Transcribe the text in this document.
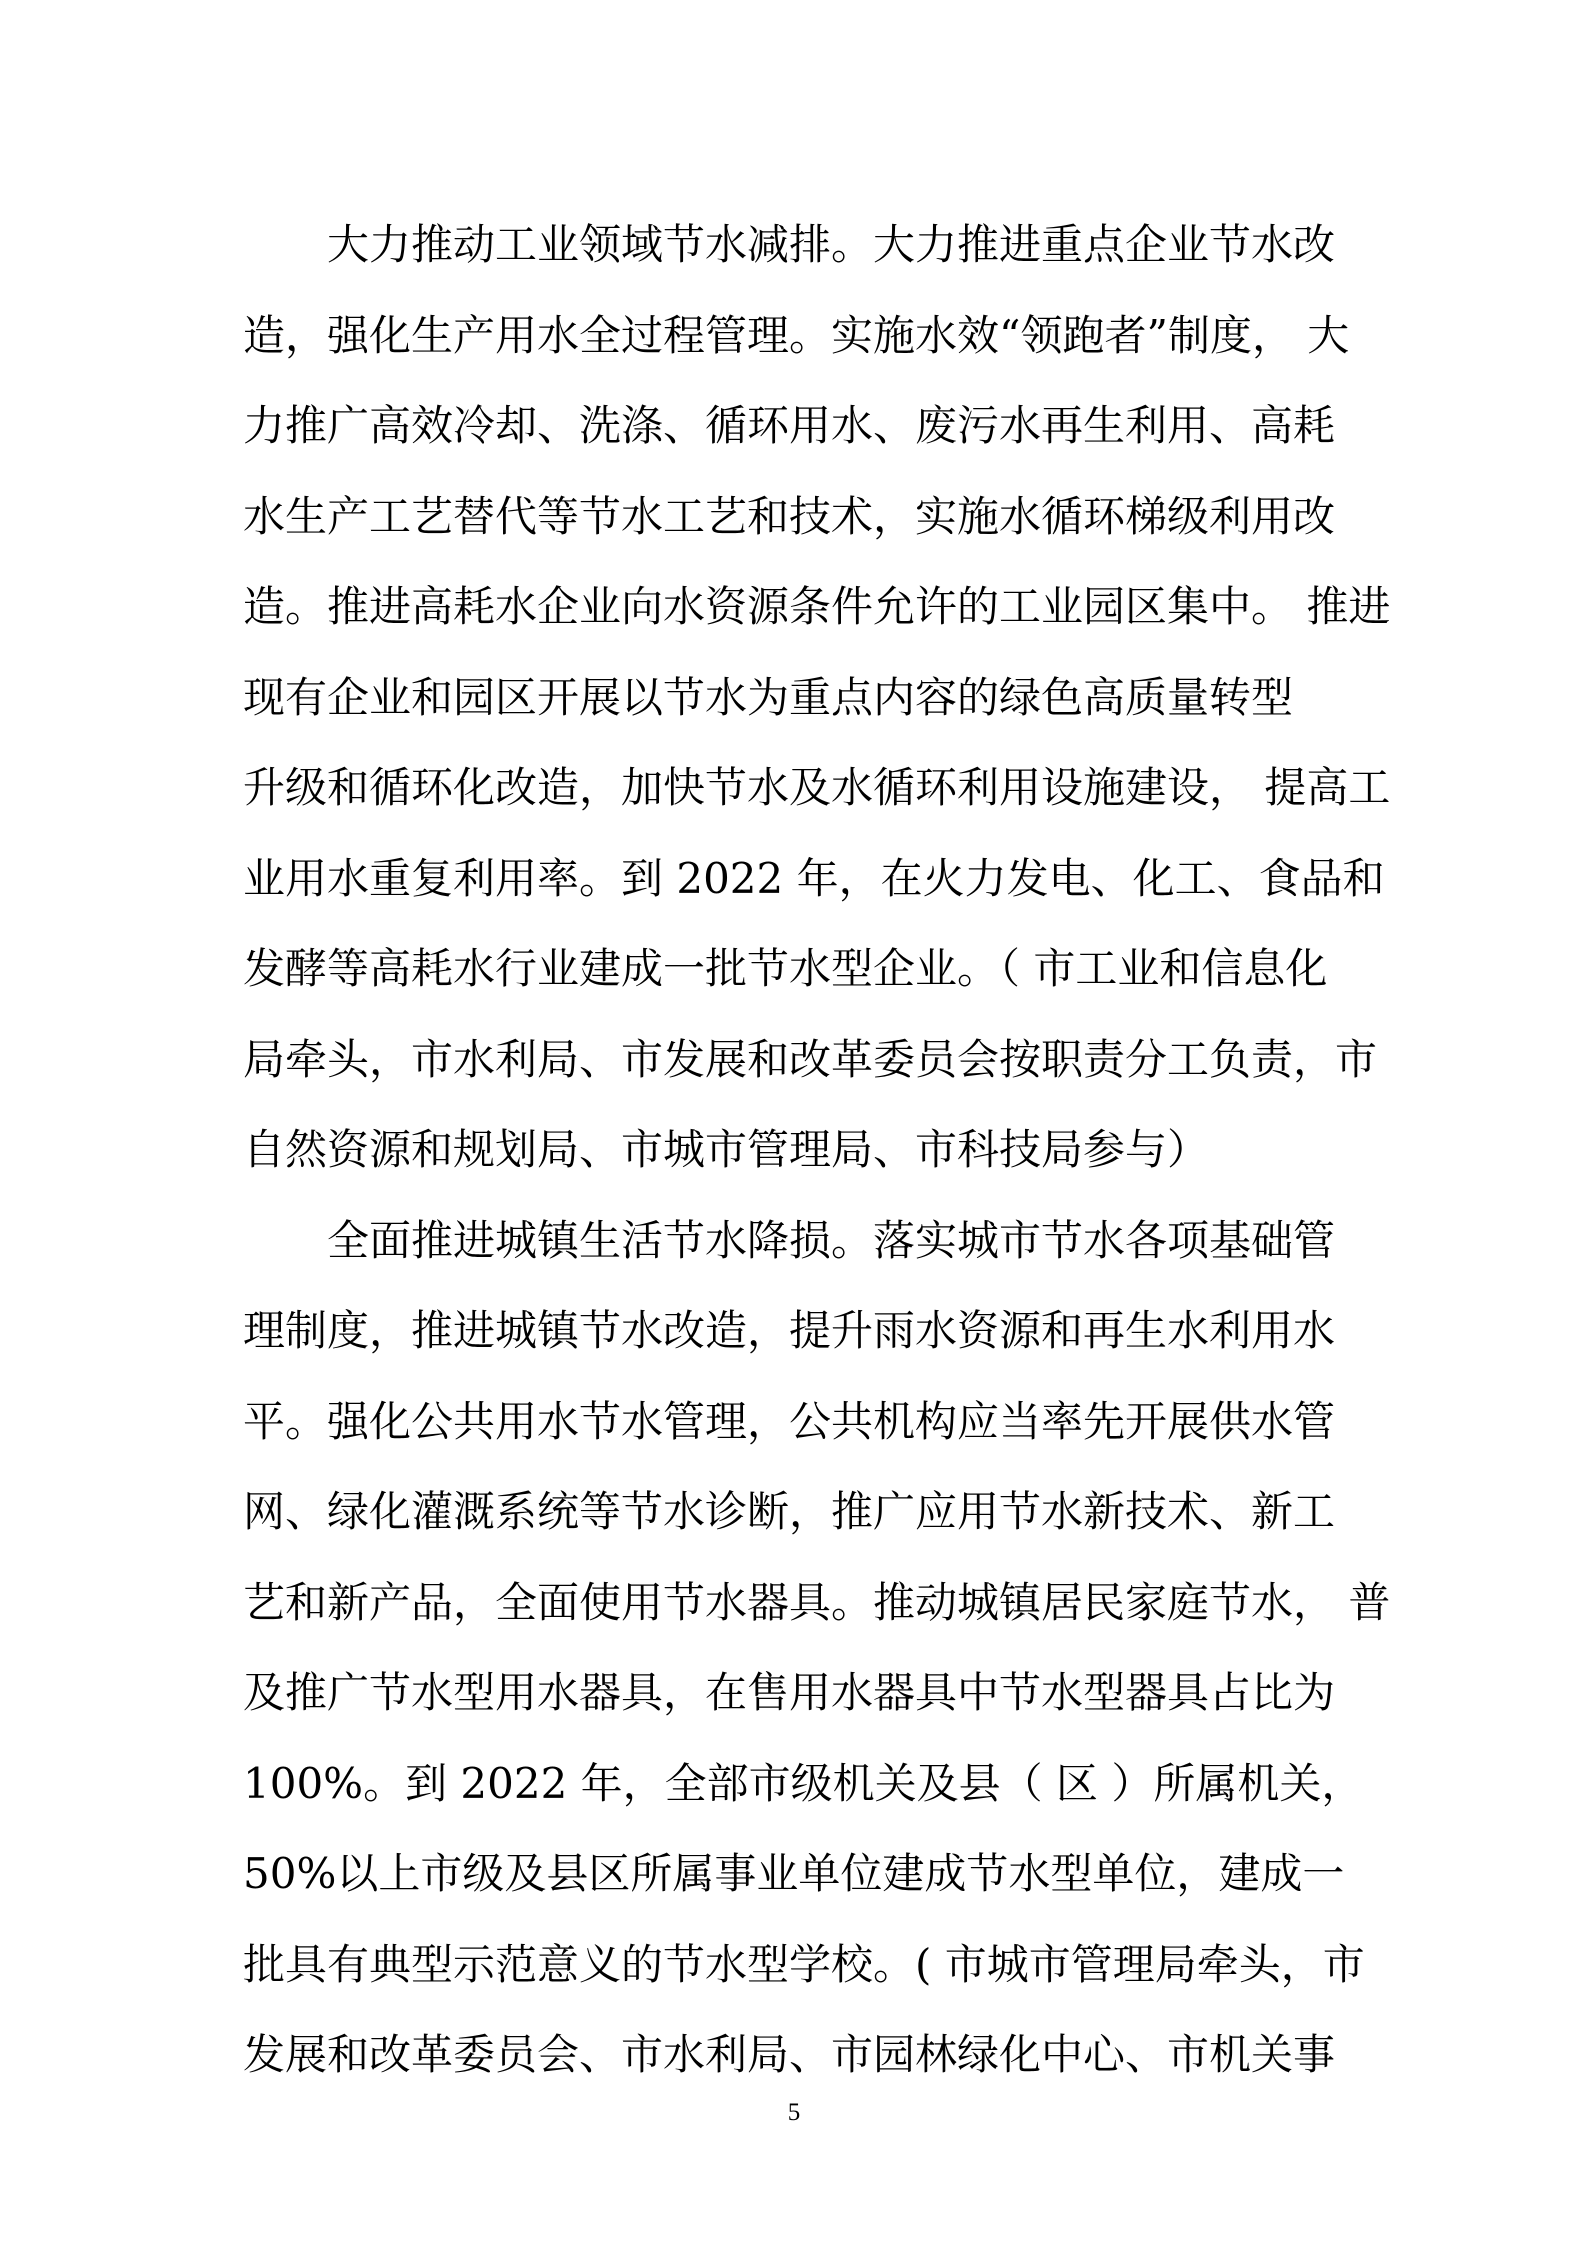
大力推动工业领域节水减排。大力推进重点企业节水改
造，强化生产用水全过程管理。实施水效“领跑者”制度， 大
力推广高效冷却、洗涤、循环用水、废污水再生利用、高耗
水生产工艺替代等节水工艺和技术，实施水循环梯级利用改
造。推进高耗水企业向水资源条件允许的工业园区集中。 推进
现有企业和园区开展以节水为重点内容的绿色高质量转型
升级和循环化改造，加快节水及水循环利用设施建设， 提高工
业用水重复利用率。到 2022 年，在火力发电、化工、食品和
发酵等高耗水行业建成一批节水型企业。（ 市工业和信息化
局牵头，市水利局、市发展和改革委员会按职责分工负责，市
自然资源和规划局、市城市管理局、市科技局参与）
全面推进城镇生活节水降损。落实城市节水各项基础管
理制度，推进城镇节水改造，提升雨水资源和再生水利用水
平。强化公共用水节水管理，公共机构应当率先开展供水管
网、绿化灌溉系统等节水诊断，推广应用节水新技术、新工
艺和新产品，全面使用节水器具。推动城镇居民家庭节水， 普
及推广节水型用水器具，在售用水器具中节水型器具占比为
100%。到 2022 年，全部市级机关及县（ 区 ）所属机关，
50%以上市级及县区所属事业单位建成节水型单位，建成一
批具有典型示范意义的节水型学校。( 市城市管理局牵头，市
发展和改革委员会、市水利局、市园林绿化中心、市机关事
5
